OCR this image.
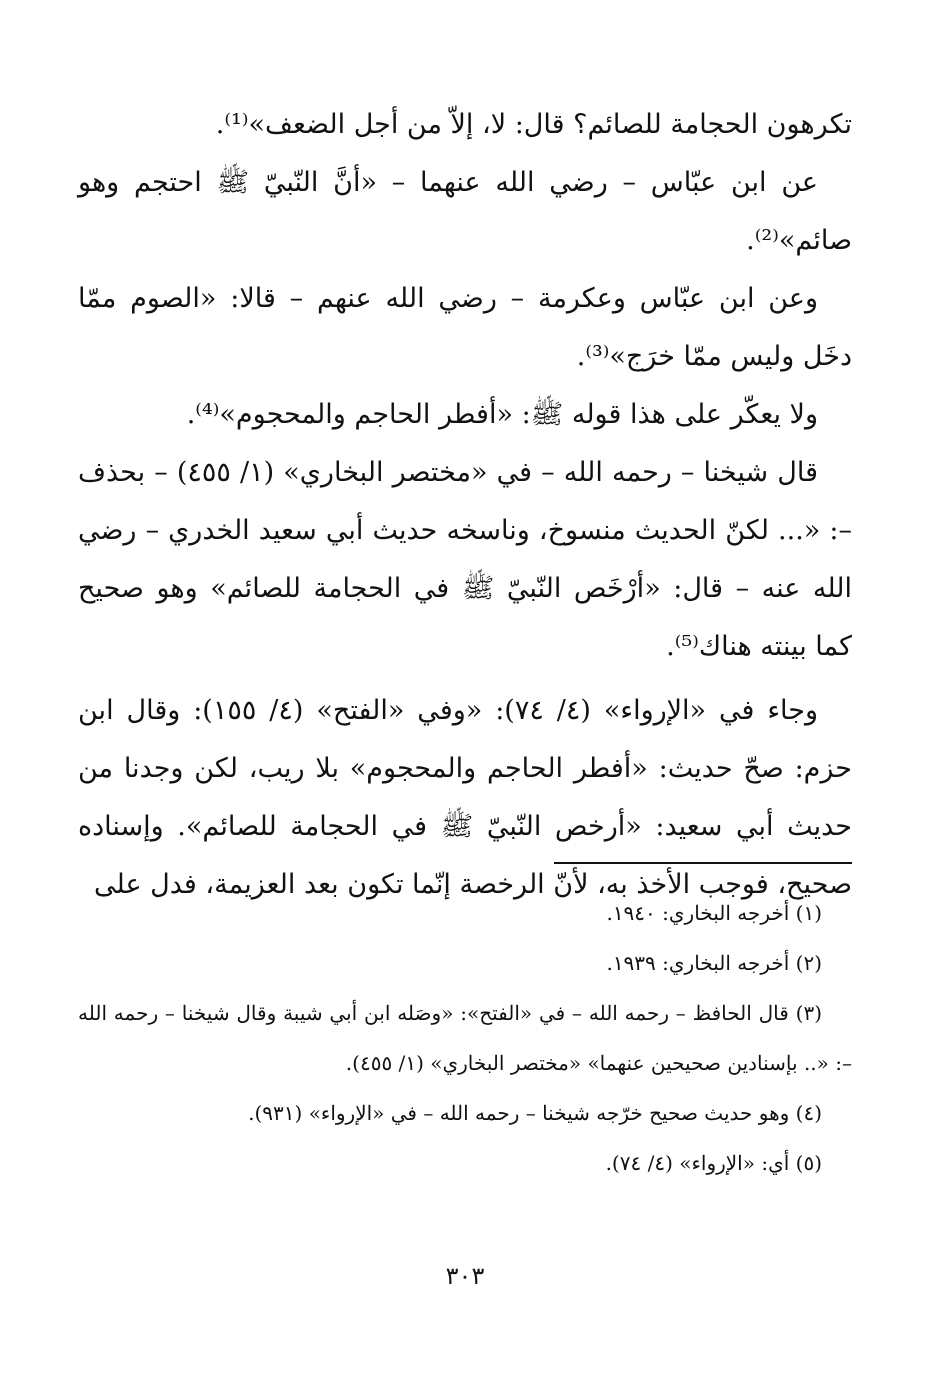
تكرهون الحجامة للصائم؟ قال: لا، إلاّ من أجل الضعف»⁽¹⁾.

عن ابن عبّاس – رضي الله عنهما – «أنَّ النّبيّ ﷺ احتجم وهو صائم»⁽²⁾.

وعن ابن عبّاس وعكرمة – رضي الله عنهم – قالا: «الصوم ممّا دخَل وليس ممّا خرَج»⁽³⁾.

ولا يعكّر على هذا قوله ﷺ: «أفطر الحاجم والمحجوم»⁽⁴⁾.

قال شيخنا – رحمه الله – في «مختصر البخاري» (١/ ٤٥٥) – بحذف –: «... لكنّ الحديث منسوخ، وناسخه حديث أبي سعيد الخدري – رضي الله عنه – قال: «أرْخَص النّبيّ ﷺ في الحجامة للصائم» وهو صحيح كما بينته هناك⁽⁵⁾.

وجاء في «الإرواء» (٤/ ٧٤): «وفي «الفتح» (٤/ ١٥٥): وقال ابن حزم: صحّ حديث: «أفطر الحاجم والمحجوم» بلا ريب، لكن وجدنا من حديث أبي سعيد: «أرخص النّبيّ ﷺ في الحجامة للصائم». وإسناده صحيح، فوجب الأخذ به، لأنّ الرخصة إنّما تكون بعد العزيمة، فدل على

(١) أخرجه البخاري: ١٩٤٠.

(٢) أخرجه البخاري: ١٩٣٩.

(٣) قال الحافظ – رحمه الله – في «الفتح»: «وصَله ابن أبي شيبة وقال شيخنا – رحمه الله –: «.. بإسنادين صحيحين عنهما» «مختصر البخاري» (١/ ٤٥٥).

(٤) وهو حديث صحيح خرّجه شيخنا – رحمه الله – في «الإرواء» (٩٣١).

(٥) أي: «الإرواء» (٤/ ٧٤).

٣٠٣
